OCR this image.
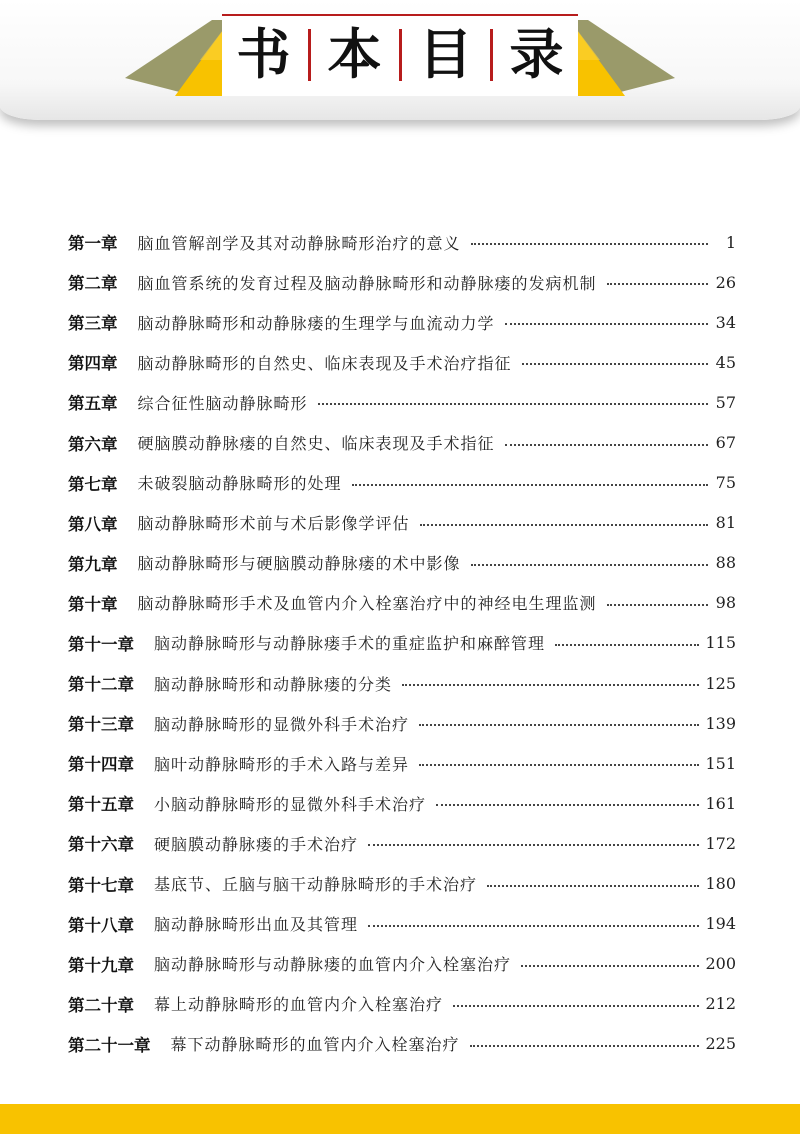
书 本 目 录
第一章 脑血管解剖学及其对动静脉畸形治疗的意义	1
第二章 脑血管系统的发育过程及脑动静脉畸形和动静脉瘘的发病机制	26
第三章 脑动静脉畸形和动静脉瘘的生理学与血流动力学	34
第四章 脑动静脉畸形的自然史、临床表现及手术治疗指征	45
第五章 综合征性脑动静脉畸形	57
第六章 硬脑膜动静脉瘘的自然史、临床表现及手术指征	67
第七章 未破裂脑动静脉畸形的处理	75
第八章 脑动静脉畸形术前与术后影像学评估	81
第九章 脑动静脉畸形与硬脑膜动静脉瘘的术中影像	88
第十章 脑动静脉畸形手术及血管内介入栓塞治疗中的神经电生理监测	98
第十一章 脑动静脉畸形与动静脉瘘手术的重症监护和麻醉管理	115
第十二章 脑动静脉畸形和动静脉瘘的分类	125
第十三章 脑动静脉畸形的显微外科手术治疗	139
第十四章 脑叶动静脉畸形的手术入路与差异	151
第十五章 小脑动静脉畸形的显微外科手术治疗	161
第十六章 硬脑膜动静脉瘘的手术治疗	172
第十七章 基底节、丘脑与脑干动静脉畸形的手术治疗	180
第十八章 脑动静脉畸形出血及其管理	194
第十九章 脑动静脉畸形与动静脉瘘的血管内介入栓塞治疗	200
第二十章 幕上动静脉畸形的血管内介入栓塞治疗	212
第二十一章 幕下动静脉畸形的血管内介入栓塞治疗	225
